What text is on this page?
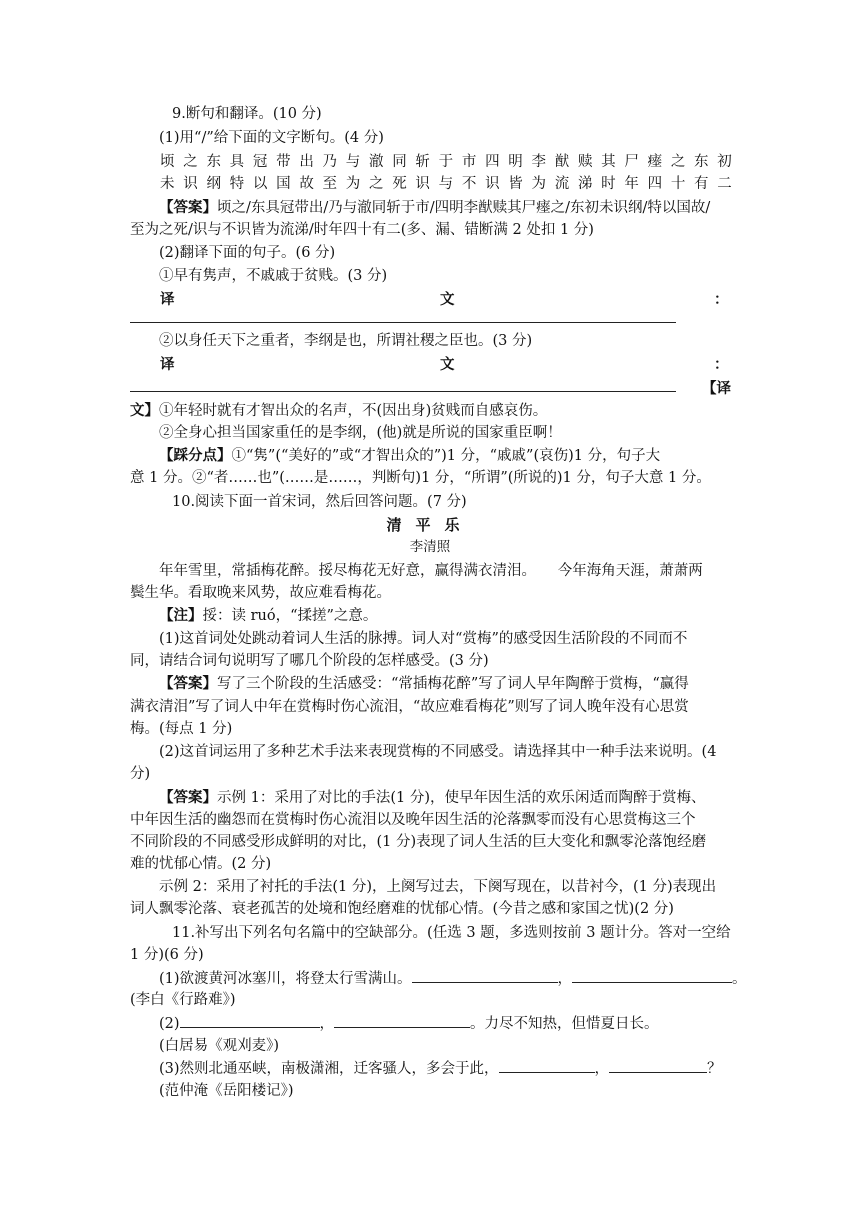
9.断句和翻译。(10 分)
(1)用“/”给下面的文字断句。(4 分)
顷 之 东 具 冠 带 出 乃 与 澈 同 斩 于 市 四 明 李 猷 赎 其 尸 瘗 之 东 初
未 识 纲 特 以 国 故 至 为 之 死 识 与 不 识 皆 为 流 涕 时 年 四 十 有 二
【答案】顷之/东具冠带出/乃与澈同斩于市/四明李猷赎其尸瘗之/东初未识纲/特以国故/
至为之死/识与不识皆为流涕/时年四十有二(多、漏、错断满 2 处扣 1 分)
(2)翻译下面的句子。(6 分)
①早有隽声，不戚戚于贫贱。(3 分)
译	文	：
②以身任天下之重者，李纲是也，所谓社稷之臣也。(3 分)
译	文	：
【译
文】①年轻时就有才智出众的名声，不(因出身)贫贱而自感哀伤。
②全身心担当国家重任的是李纲，(他)就是所说的国家重臣啊！
【踩分点】①“隽”(“美好的”或“才智出众的”)1 分，“戚戚”(哀伤)1 分，句子大
意 1 分。②“者……也”(……是……，判断句)1 分，“所谓”(所说的)1 分，句子大意 1 分。
10.阅读下面一首宋词，然后回答问题。(7 分)
清平乐
李清照
年年雪里，常插梅花醉。挼尽梅花无好意，赢得满衣清泪。　　今年海角天涯，萧萧两
鬓生华。看取晚来风势，故应难看梅花。
【注】挼：读 ruó，“揉搓”之意。
(1)这首词处处跳动着词人生活的脉搏。词人对“赏梅”的感受因生活阶段的不同而不
同，请结合词句说明写了哪几个阶段的怎样感受。(3 分)
【答案】写了三个阶段的生活感受：“常插梅花醉”写了词人早年陶醉于赏梅，“赢得
满衣清泪”写了词人中年在赏梅时伤心流泪，“故应难看梅花”则写了词人晚年没有心思赏
梅。(每点 1 分)
(2)这首词运用了多种艺术手法来表现赏梅的不同感受。请选择其中一种手法来说明。(4
分)
【答案】示例 1：采用了对比的手法(1 分)，使早年因生活的欢乐闲适而陶醉于赏梅、
中年因生活的幽怨而在赏梅时伤心流泪以及晚年因生活的沦落飘零而没有心思赏梅这三个
不同阶段的不同感受形成鲜明的对比，(1 分)表现了词人生活的巨大变化和飘零沦落饱经磨
难的忧郁心情。(2 分)
示例 2：采用了衬托的手法(1 分)，上阕写过去，下阕写现在，以昔衬今，(1 分)表现出
词人飘零沦落、衰老孤苦的处境和饱经磨难的忧郁心情。(今昔之感和家国之忧)(2 分)
11.补写出下列名句名篇中的空缺部分。(任选 3 题，多选则按前 3 题计分。答对一空给
1 分)(6 分)
(1)欲渡黄河冰塞川，将登太行雪满山。	，	。
(李白《行路难》)
(2)	，	。力尽不知热，但惜夏日长。
(白居易《观刈麦》)
(3)然则北通巫峡，南极潇湘，迁客骚人，多会于此，	，	？
(范仲淹《岳阳楼记》)
